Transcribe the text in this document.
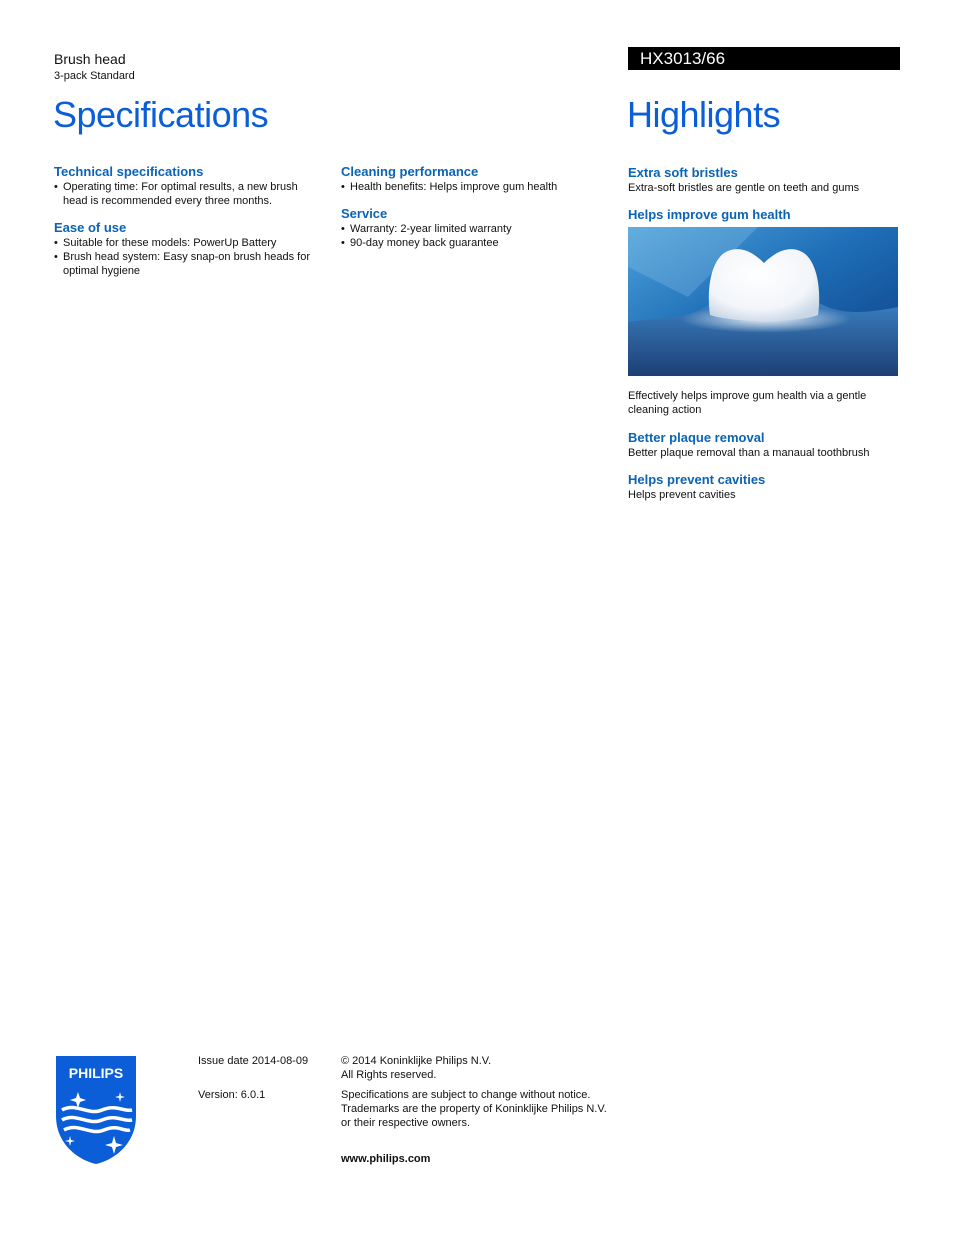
Brush head
3-pack Standard
HX3013/66
Specifications	Highlights
Technical specifications
• Operating time: For optimal results, a new brush head is recommended every three months.
Ease of use
• Suitable for these models: PowerUp Battery
• Brush head system: Easy snap-on brush heads for optimal hygiene
Cleaning performance
• Health benefits: Helps improve gum health
Service
• Warranty: 2-year limited warranty
• 90-day money back guarantee
Extra soft bristles

Extra-soft bristles are gentle on teeth and gums

Helps improve gum health

Effectively helps improve gum health via a gentle cleaning action

Better plaque removal

Better plaque removal than a manaual toothbrush

Helps prevent cavities

Helps prevent cavities

PHILIPS
Issue date 2014-08-09
Version: 6.0.1
© 2014 Koninklijke Philips N.V.
All Rights reserved.
Specifications are subject to change without notice.
Trademarks are the property of Koninklijke Philips N.V.
or their respective owners.
www.philips.com
